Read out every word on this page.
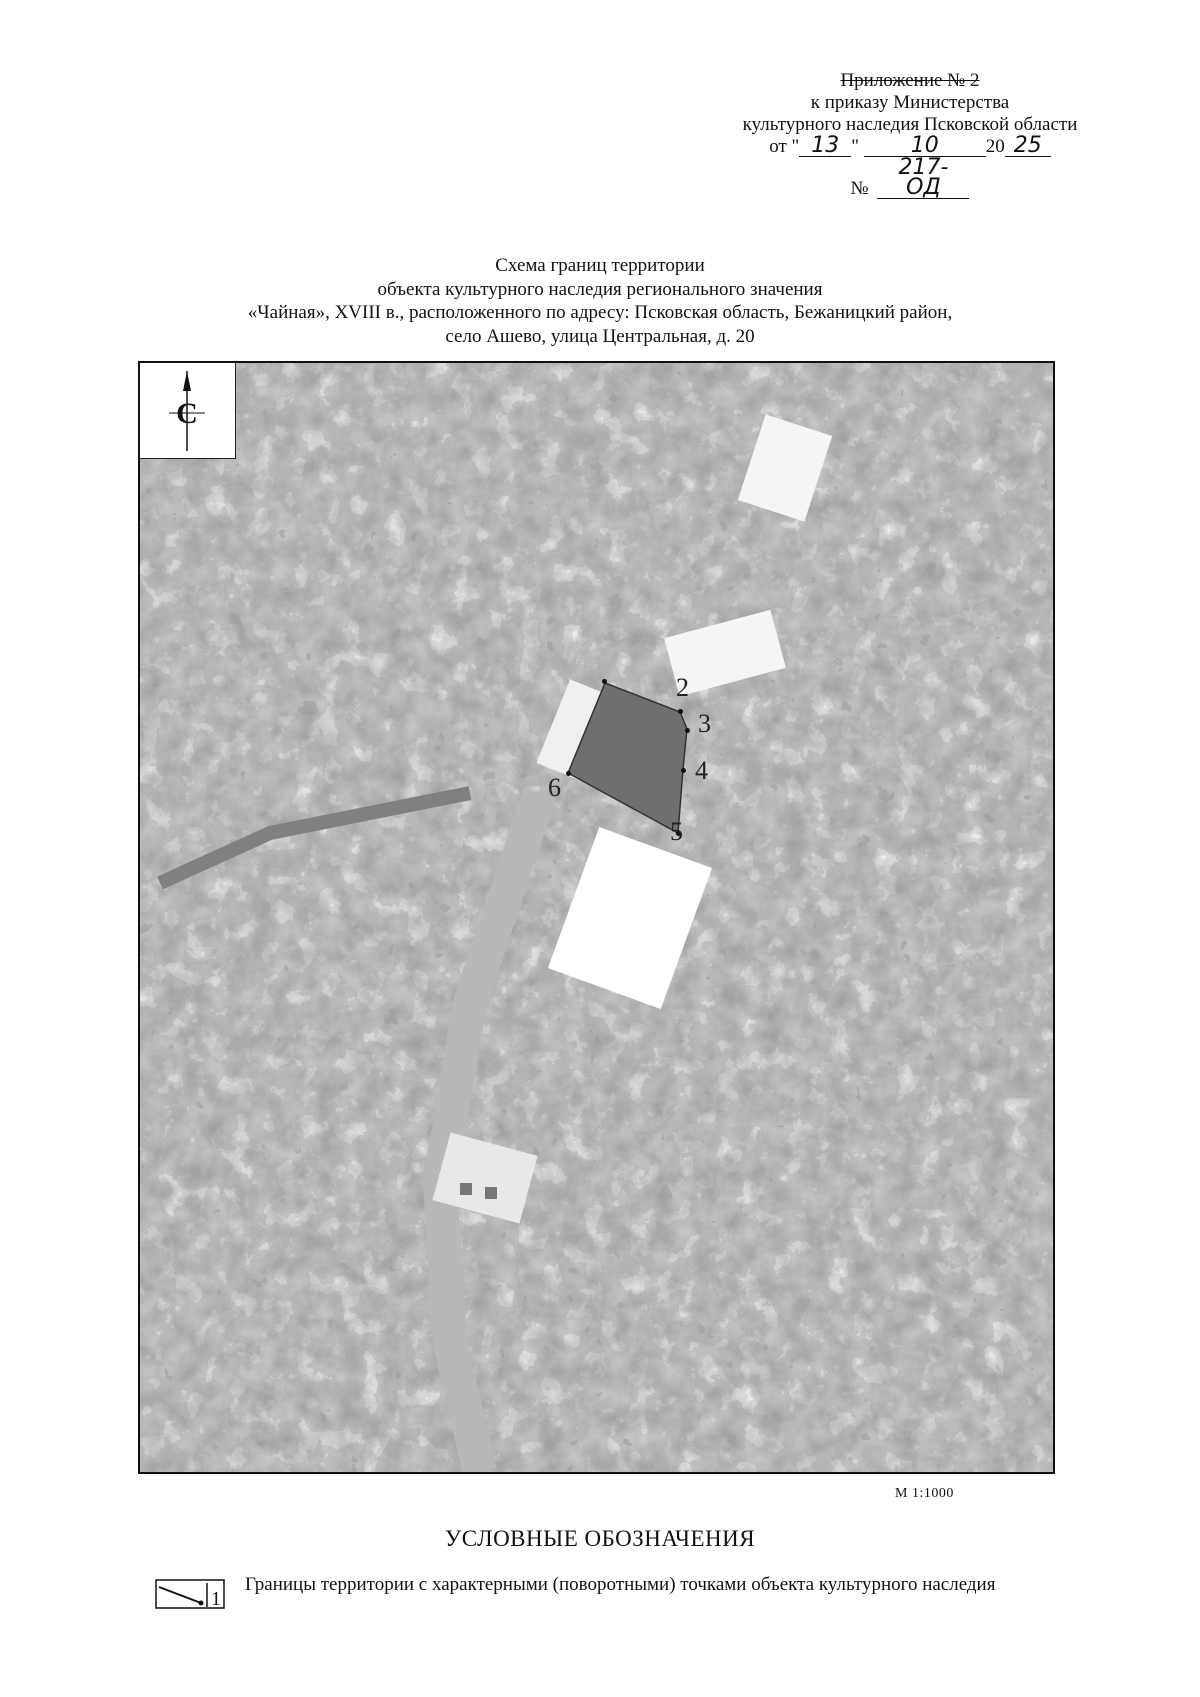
Приложение № 2
к приказу Министерства
культурного наследия Псковской области
от " 13 " 10 20 25
№ 217-ОД
Схема границ территории
объекта культурного наследия регионального значения
«Чайная», XVIII в., расположенного по адресу: Псковская область, Бежаницкий район,
село Ашево, улица Центральная, д. 20
С
2
3
4
5
6
М 1:1000
УСЛОВНЫЕ ОБОЗНАЧЕНИЯ
1
Границы территории с характерными (поворотными) точками объекта культурного наследия
